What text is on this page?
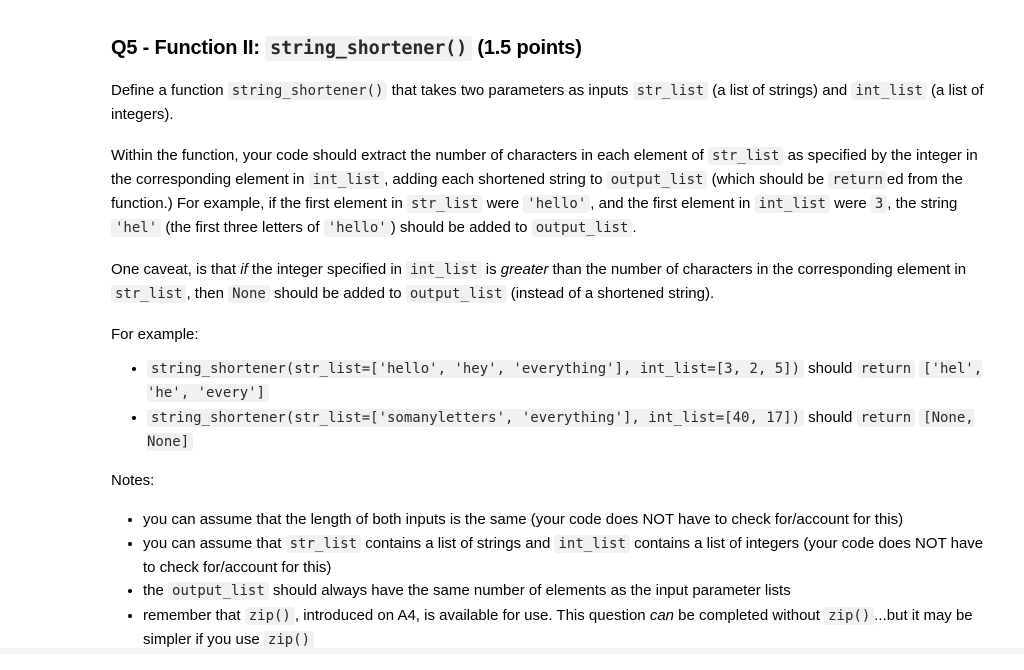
Q5 - Function II: string_shortener() (1.5 points)

Define a function string_shortener() that takes two parameters as inputs str_list (a list of strings) and int_list (a list of integers).

Within the function, your code should extract the number of characters in each element of str_list as specified by the integer in the corresponding element in int_list , adding each shortened string to output_list (which should be return ed from the function.) For example, if the first element in str_list were 'hello' , and the first element in int_list were 3 , the string 'hel' (the first three letters of 'hello' ) should be added to output_list .

One caveat, is that if the integer specified in int_list is greater than the number of characters in the corresponding element in str_list , then None should be added to output_list (instead of a shortened string).

For example:

• string_shortener(str_list=['hello', 'hey', 'everything'], int_list=[3, 2, 5]) should return ['hel', 'he', 'every']
• string_shortener(str_list=['somanyletters', 'everything'], int_list=[40, 17]) should return [None, None]

Notes:

• you can assume that the length of both inputs is the same (your code does NOT have to check for/account for this)
• you can assume that str_list contains a list of strings and int_list contains a list of integers (your code does NOT have to check for/account for this)
• the output_list should always have the same number of elements as the input parameter lists
• remember that zip() , introduced on A4, is available for use. This question can be completed without zip() ...but it may be simpler if you use zip()
